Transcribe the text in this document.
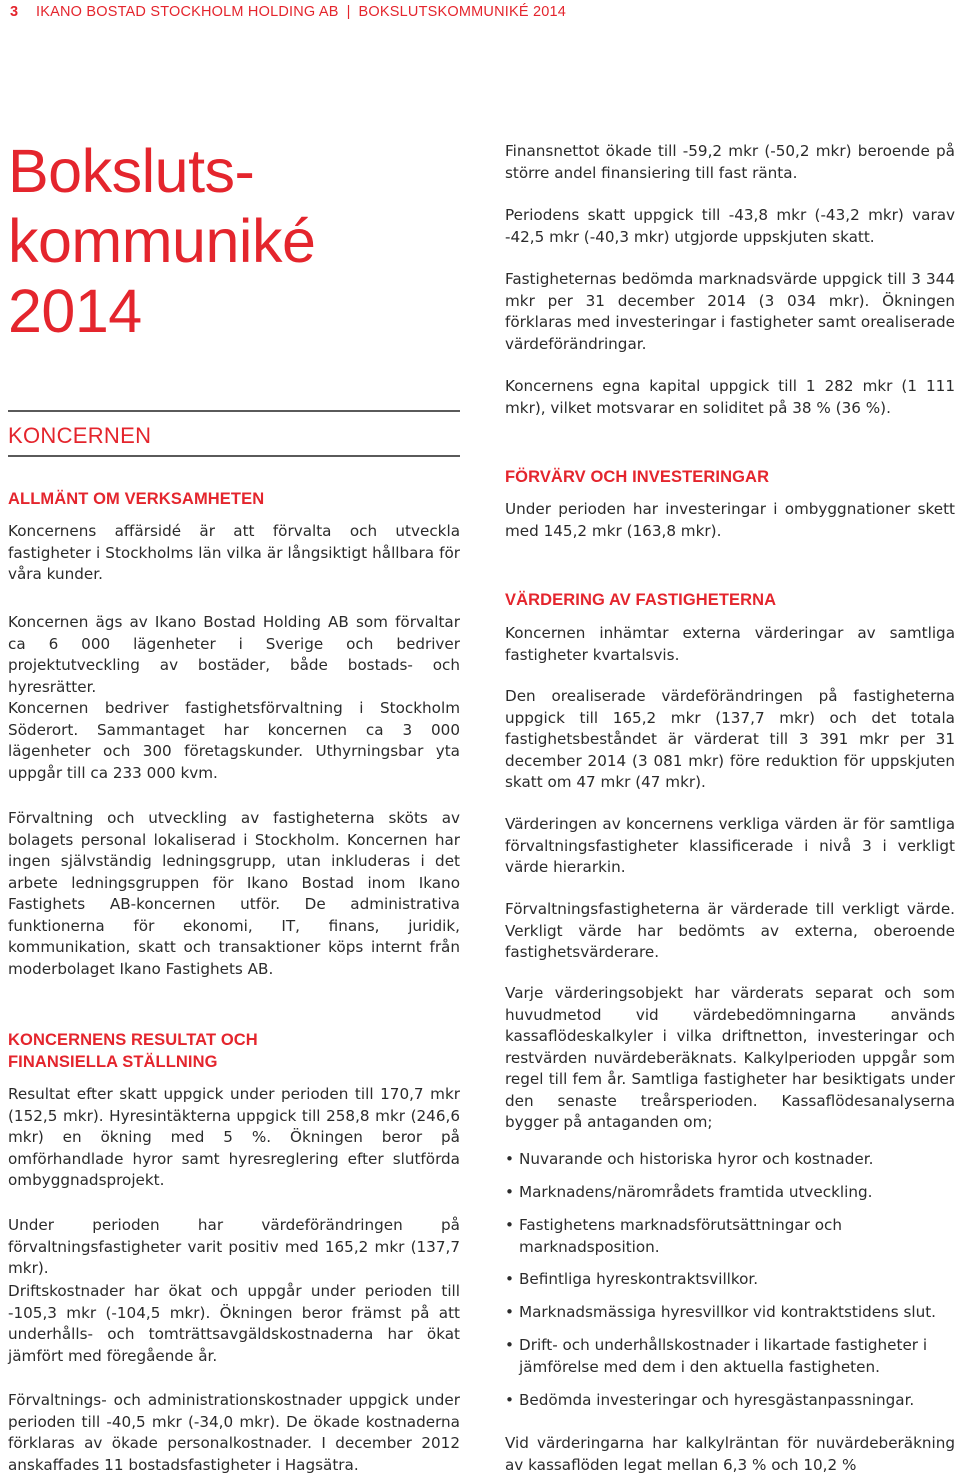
3 IKANO BOSTAD STOCKHOLM HOLDING AB | BOKSLUTSKOMMUNIKÉ 2014
Boksluts-
kommuniké
2014
KONCERNEN

ALLMÄNT OM VERKSAMHETEN

Koncernens affärsidé är att förvalta och utveckla fastigheter i Stockholms län vilka är långsiktigt hållbara för våra kunder.

Koncernen ägs av Ikano Bostad Holding AB som förvaltar ca 6 000 lägenheter i Sverige och bedriver projektutveckling av bostäder, både bostads- och hyresrätter.

Koncernen bedriver fastighetsförvaltning i Stockholm Söderort. Sammantaget har koncernen ca 3 000 lägenheter och 300 företagskunder. Uthyrningsbar yta uppgår till ca 233 000 kvm.

Förvaltning och utveckling av fastigheterna sköts av bolagets personal lokaliserad i Stockholm. Koncernen har ingen självständig ledningsgrupp, utan inkluderas i det arbete ledningsgruppen för Ikano Bostad inom Ikano Fastighets AB-koncernen utför. De administrativa funktionerna för ekonomi, IT, finans, juridik, kommunikation, skatt och transaktioner köps internt från moderbolaget Ikano Fastighets AB.

KONCERNENS RESULTAT OCH

FINANSIELLA STÄLLNING

Resultat efter skatt uppgick under perioden till 170,7 mkr (152,5 mkr). Hyresintäkterna uppgick till 258,8 mkr (246,6 mkr) en ökning med 5 %. Ökningen beror på omförhandlade hyror samt hyresreglering efter slutförda ombyggnadsprojekt.

Under perioden har värdeförändringen på förvaltningsfastigheter varit positiv med 165,2 mkr (137,7 mkr).

Driftskostnader har ökat och uppgår under perioden till -105,3 mkr (-104,5 mkr). Ökningen beror främst på att underhålls- och tomträttsavgäldskostnaderna har ökat jämfört med föregående år.

Förvaltnings- och administrationskostnader uppgick under perioden till -40,5 mkr (-34,0 mkr). De ökade kostnaderna förklaras av ökade personalkostnader. I december 2012 anskaffades 11 bostadsfastigheter i Hagsätra.

Finansnettot ökade till -59,2 mkr (-50,2 mkr) beroende på större andel finansiering till fast ränta.

Periodens skatt uppgick till -43,8 mkr (-43,2 mkr) varav -42,5 mkr (-40,3 mkr) utgjorde uppskjuten skatt.

Fastigheternas bedömda marknadsvärde uppgick till 3 344 mkr per 31 december 2014 (3 034 mkr). Ökningen förklaras med investeringar i fastigheter samt orealiserade värdeförändringar.

Koncernens egna kapital uppgick till 1 282 mkr (1 111 mkr), vilket motsvarar en soliditet på 38 % (36 %).

FÖRVÄRV OCH INVESTERINGAR

Under perioden har investeringar i ombyggnationer skett med 145,2 mkr (163,8 mkr).

VÄRDERING AV FASTIGHETERNA

Koncernen inhämtar externa värderingar av samtliga fastigheter kvartalsvis.

Den orealiserade värdeförändringen på fastigheterna uppgick till 165,2 mkr (137,7 mkr) och det totala fastighetsbeståndet är värderat till 3 391 mkr per 31 december 2014 (3 081 mkr) före reduktion för uppskjuten skatt om 47 mkr (47 mkr).

Värderingen av koncernens verkliga värden är för samtliga förvaltningsfastigheter klassificerade i nivå 3 i verkligt värde hierarkin.

Förvaltningsfastigheterna är värderade till verkligt värde. Verkligt värde har bedömts av externa, oberoende fastighetsvärderare.

Varje värderingsobjekt har värderats separat och som huvudmetod vid värdebedömningarna används kassaflödeskalkyler i vilka driftnetton, investeringar och restvärden nuvärdeberäknats. Kalkylperioden uppgår som regel till fem år. Samtliga fastigheter har besiktigats under den senaste treårsperioden. Kassaflödesanalyserna bygger på antaganden om;

• Nuvarande och historiska hyror och kostnader.
• Marknadens/närområdets framtida utveckling.
• Fastighetens marknadsförutsättningar och marknadsposition.
• Befintliga hyreskontraktsvillkor.
• Marknadsmässiga hyresvillkor vid kontraktstidens slut.
• Drift- och underhållskostnader i likartade fastigheter i jämförelse med dem i den aktuella fastigheten.
• Bedömda investeringar och hyresgästanpassningar.

Vid värderingarna har kalkylräntan för nuvärdeberäkning av kassaflöden legat mellan 6,3 % och 10,2 %
